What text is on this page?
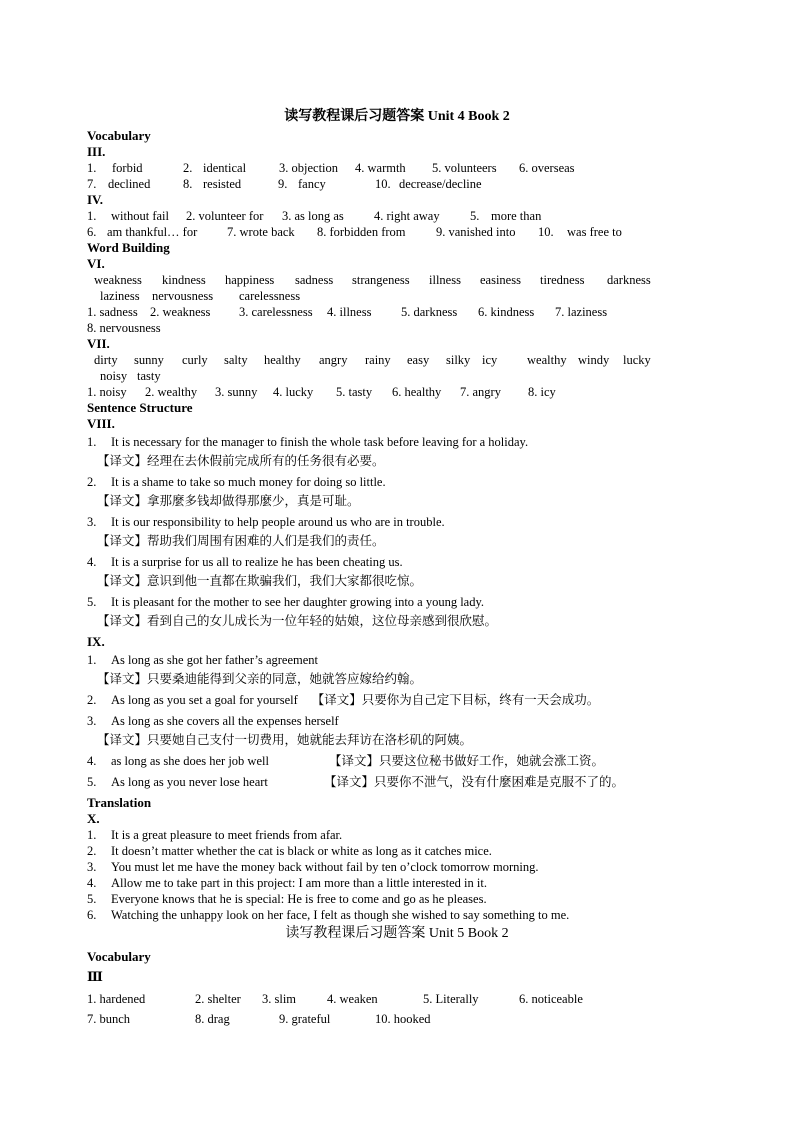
读写教程课后习题答案 Unit 4 Book 2
Vocabulary
III.
1. forbid	2. identical	3. objection 4. warmth 5. volunteers 6. overseas
7. declined	8. resisted	9. fancy	10. decrease/decline
IV.
1. without fail 2. volunteer for 3. as long as 4. right away 5. more than
6. am thankful… for 7. wrote back 8. forbidden from 9. vanished into 10. was free to
Word Building
VI.
weakness kindness happiness sadness strangeness illness easiness tiredness darkness
laziness nervousness carelessness
1. sadness 2. weakness 3. carelessness 4. illness 5. darkness 6. kindness 7. laziness
8. nervousness
VII.
dirty sunny curly salty healthy angry rainy easy silky icy wealthy windy lucky
noisy tasty
1. noisy 2. wealthy 3. sunny 4. lucky 5. tasty 6. healthy 7. angry 8. icy
Sentence Structure
VIII.
1.	It is necessary for the manager to finish the whole task before leaving for a holiday.
【译文】经理在去休假前完成所有的任务很有必要。
2.	It is a shame to take so much money for doing so little.
【译文】拿那麼多钱却做得那麼少，真是可耻。
3.	It is our responsibility to help people around us who are in trouble.
【译文】帮助我们周围有困难的人们是我们的责任。
4.	It is a surprise for us all to realize he has been cheating us.
【译文】意识到他一直都在欺骗我们，我们大家都很吃惊。
5.	It is pleasant for the mother to see her daughter growing into a young lady.
【译文】看到自己的女儿成长为一位年轻的姑娘，这位母亲感到很欣慰。
IX.
1.	As long as she got her father’s agreement
【译文】只要桑迪能得到父亲的同意，她就答应嫁给约翰。
2.	As long as you set a goal for yourself	【译文】只要你为自己定下目标，终有一天会成功。
3.	As long as she covers all the expenses herself
【译文】只要她自己支付一切费用，她就能去拜访在洛杉矶的阿姨。
4.	as long as she does her job well	【译文】只要这位秘书做好工作，她就会涨工资。
5.	As long as you never lose heart	【译文】只要你不泄气，没有什麼困难是克服不了的。
Translation
X.
1.	It is a great pleasure to meet friends from afar.
2.	It doesn’t matter whether the cat is black or white as long as it catches mice.
3.	You must let me have the money back without fail by ten o’clock tomorrow morning.
4.	Allow me to take part in this project: I am more than a little interested in it.
5.	Everyone knows that he is special: He is free to come and go as he pleases.
6.	Watching the unhappy look on her face, I felt as though she wished to say something to me.
读写教程课后习题答案 Unit 5 Book 2
Vocabulary
Ⅲ
1. hardened	2. shelter 3. slim 4. weaken	5. Literally	6. noticeable
7. bunch	8. drag	9. grateful	10. hooked
